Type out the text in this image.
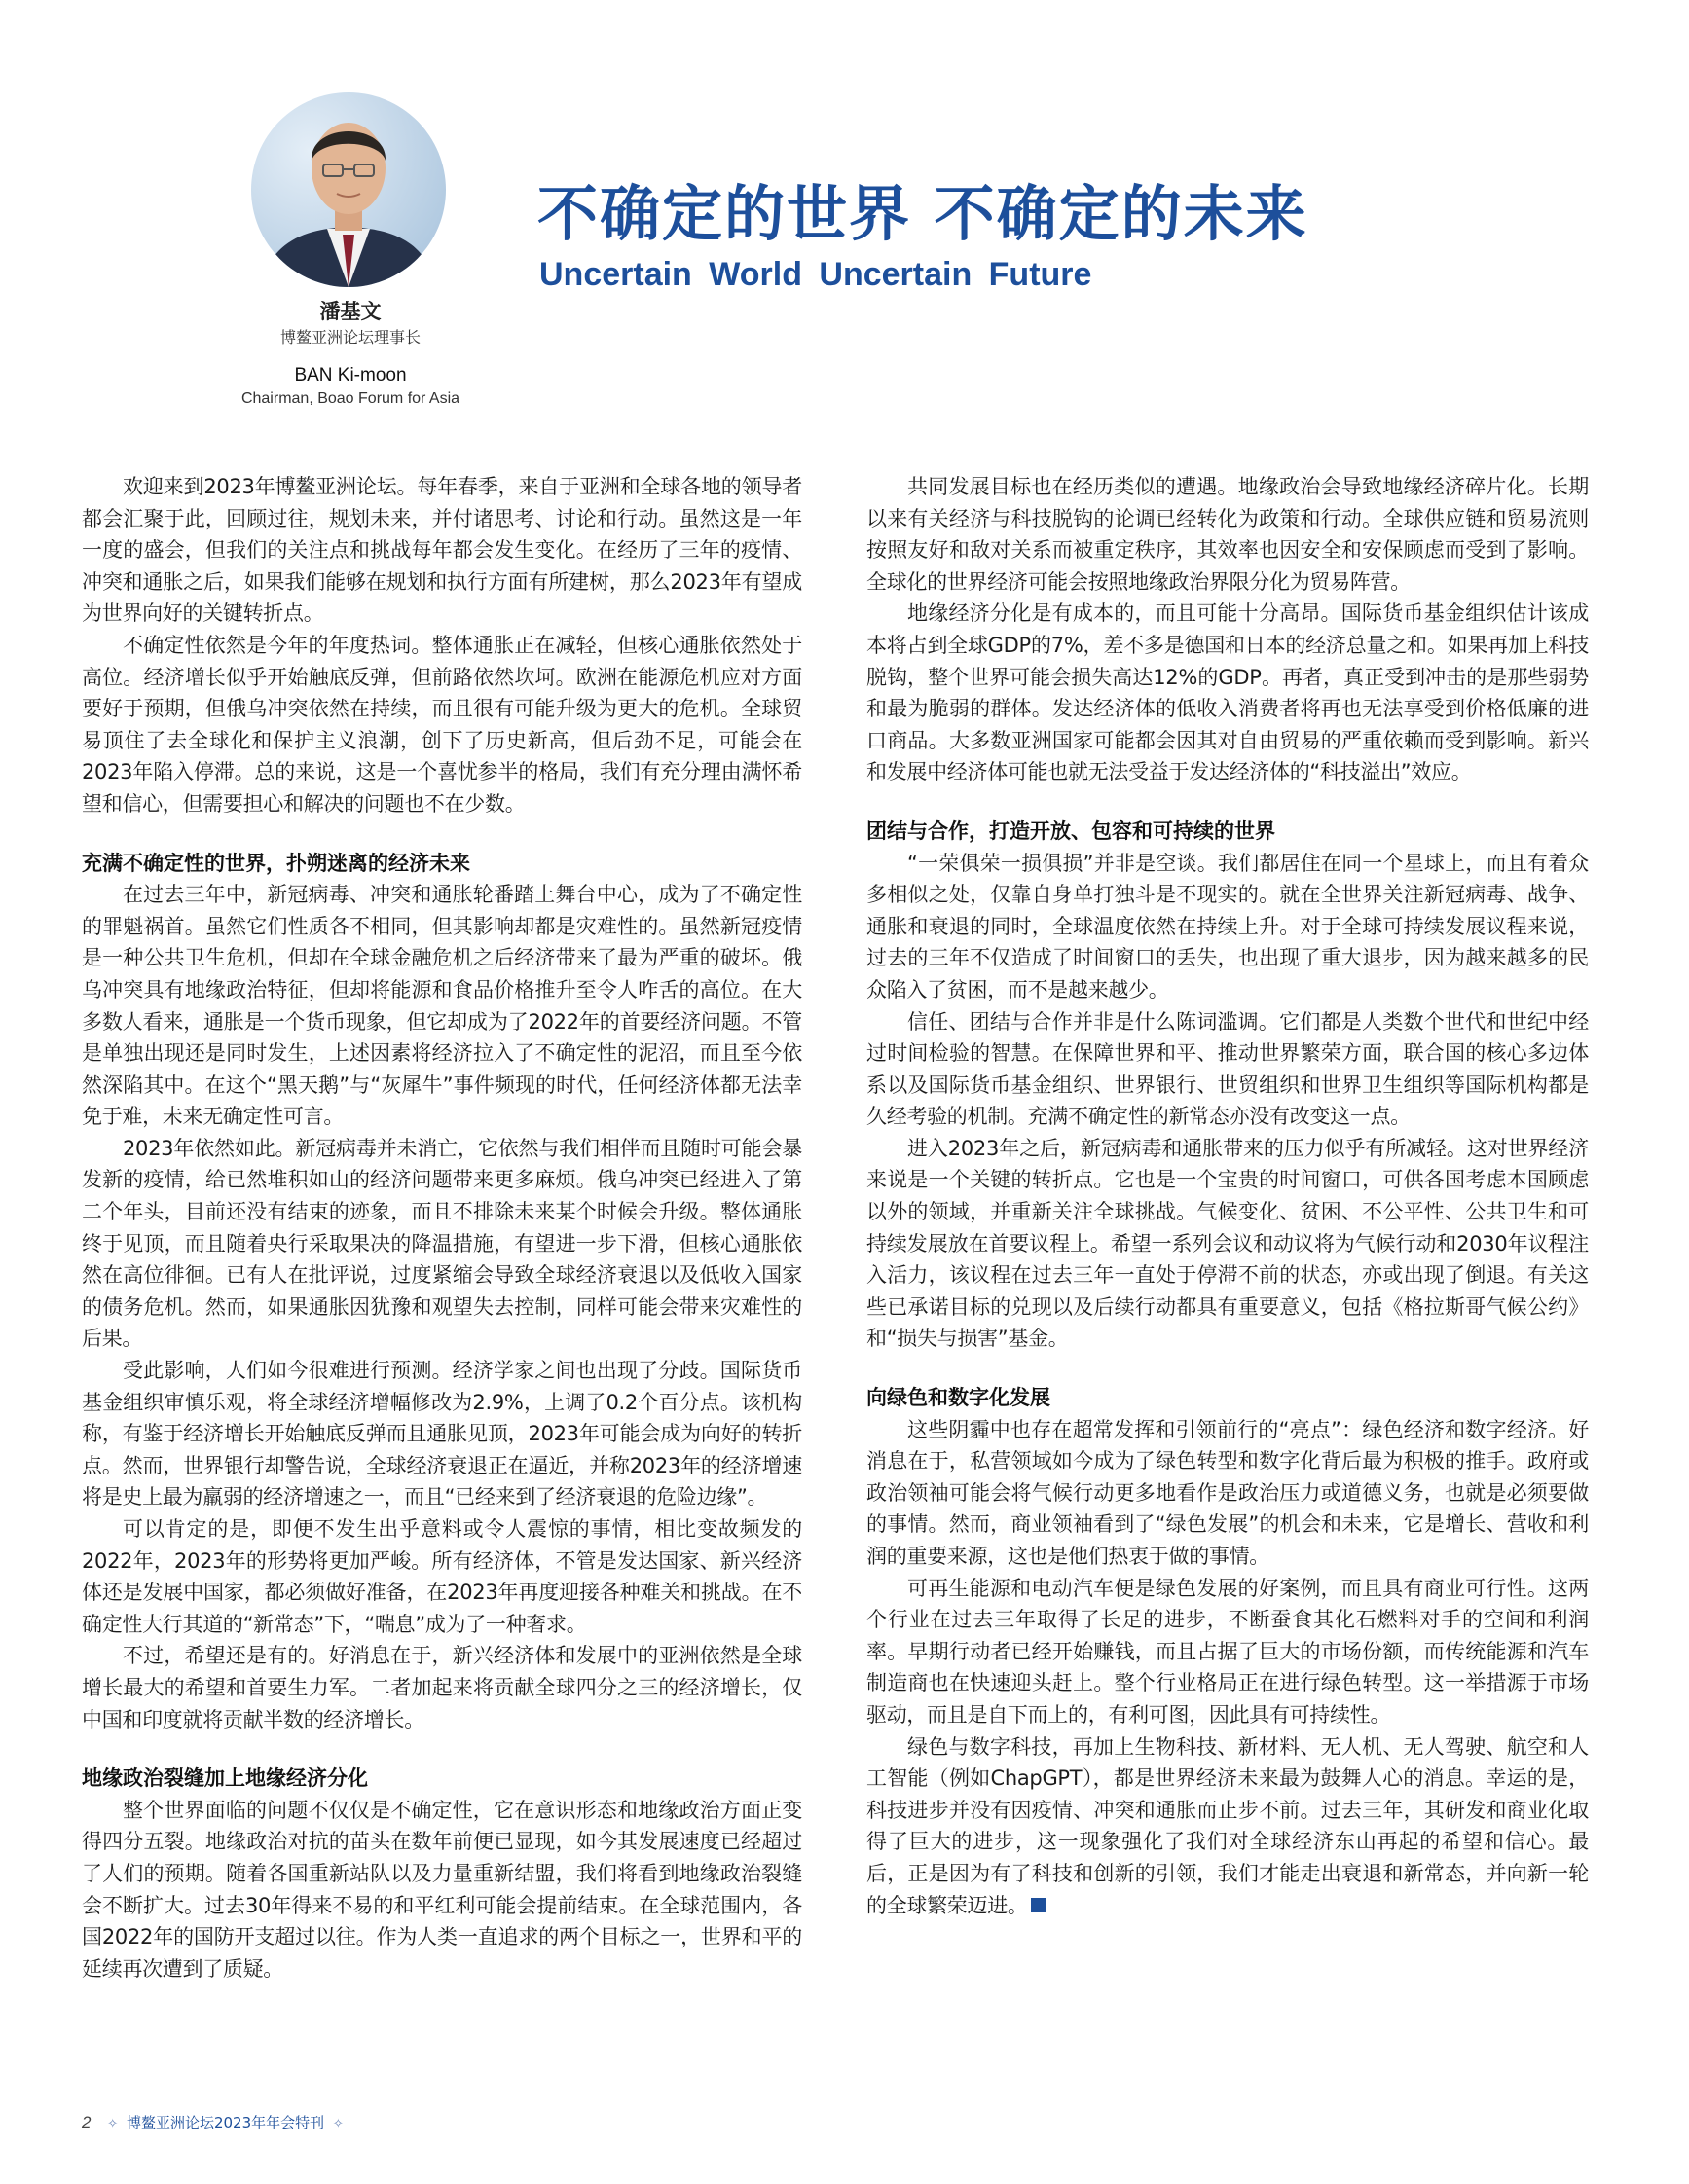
潘基文
博鳌亚洲论坛理事长
BAN Ki-moon
Chairman, Boao Forum for Asia
不确定的世界 不确定的未来
Uncertain World Uncertain Future

欢迎来到2023年博鳌亚洲论坛。每年春季，来自于亚洲和全球各地的领导者都会汇聚于此，回顾过往，规划未来，并付诸思考、讨论和行动。虽然这是一年一度的盛会，但我们的关注点和挑战每年都会发生变化。在经历了三年的疫情、冲突和通胀之后，如果我们能够在规划和执行方面有所建树，那么2023年有望成为世界向好的关键转折点。

不确定性依然是今年的年度热词。整体通胀正在减轻，但核心通胀依然处于高位。经济增长似乎开始触底反弹，但前路依然坎坷。欧洲在能源危机应对方面要好于预期，但俄乌冲突依然在持续，而且很有可能升级为更大的危机。全球贸易顶住了去全球化和保护主义浪潮，创下了历史新高，但后劲不足，可能会在2023年陷入停滞。总的来说，这是一个喜忧参半的格局，我们有充分理由满怀希望和信心，但需要担心和解决的问题也不在少数。

充满不确定性的世界，扑朔迷离的经济未来

在过去三年中，新冠病毒、冲突和通胀轮番踏上舞台中心，成为了不确定性的罪魁祸首。虽然它们性质各不相同，但其影响却都是灾难性的。虽然新冠疫情是一种公共卫生危机，但却在全球金融危机之后经济带来了最为严重的破坏。俄乌冲突具有地缘政治特征，但却将能源和食品价格推升至令人咋舌的高位。在大多数人看来，通胀是一个货币现象，但它却成为了2022年的首要经济问题。不管是单独出现还是同时发生，上述因素将经济拉入了不确定性的泥沼，而且至今依然深陷其中。在这个“黑天鹅”与“灰犀牛”事件频现的时代，任何经济体都无法幸免于难，未来无确定性可言。

2023年依然如此。新冠病毒并未消亡，它依然与我们相伴而且随时可能会暴发新的疫情，给已然堆积如山的经济问题带来更多麻烦。俄乌冲突已经进入了第二个年头，目前还没有结束的迹象，而且不排除未来某个时候会升级。整体通胀终于见顶，而且随着央行采取果决的降温措施，有望进一步下滑，但核心通胀依然在高位徘徊。已有人在批评说，过度紧缩会导致全球经济衰退以及低收入国家的债务危机。然而，如果通胀因犹豫和观望失去控制，同样可能会带来灾难性的后果。

受此影响，人们如今很难进行预测。经济学家之间也出现了分歧。国际货币基金组织审慎乐观，将全球经济增幅修改为2.9%，上调了0.2个百分点。该机构称，有鉴于经济增长开始触底反弹而且通胀见顶，2023年可能会成为向好的转折点。然而，世界银行却警告说，全球经济衰退正在逼近，并称2023年的经济增速将是史上最为羸弱的经济增速之一，而且“已经来到了经济衰退的危险边缘”。

可以肯定的是，即便不发生出乎意料或令人震惊的事情，相比变故频发的2022年，2023年的形势将更加严峻。所有经济体，不管是发达国家、新兴经济体还是发展中国家，都必须做好准备，在2023年再度迎接各种难关和挑战。在不确定性大行其道的“新常态”下，“喘息”成为了一种奢求。

不过，希望还是有的。好消息在于，新兴经济体和发展中的亚洲依然是全球增长最大的希望和首要生力军。二者加起来将贡献全球四分之三的经济增长，仅中国和印度就将贡献半数的经济增长。

地缘政治裂缝加上地缘经济分化

整个世界面临的问题不仅仅是不确定性，它在意识形态和地缘政治方面正变得四分五裂。地缘政治对抗的苗头在数年前便已显现，如今其发展速度已经超过了人们的预期。随着各国重新站队以及力量重新结盟，我们将看到地缘政治裂缝会不断扩大。过去30年得来不易的和平红利可能会提前结束。在全球范围内，各国2022年的国防开支超过以往。作为人类一直追求的两个目标之一，世界和平的延续再次遭到了质疑。

共同发展目标也在经历类似的遭遇。地缘政治会导致地缘经济碎片化。长期以来有关经济与科技脱钩的论调已经转化为政策和行动。全球供应链和贸易流则按照友好和敌对关系而被重定秩序，其效率也因安全和安保顾虑而受到了影响。全球化的世界经济可能会按照地缘政治界限分化为贸易阵营。

地缘经济分化是有成本的，而且可能十分高昂。国际货币基金组织估计该成本将占到全球GDP的7%，差不多是德国和日本的经济总量之和。如果再加上科技脱钩，整个世界可能会损失高达12%的GDP。再者，真正受到冲击的是那些弱势和最为脆弱的群体。发达经济体的低收入消费者将再也无法享受到价格低廉的进口商品。大多数亚洲国家可能都会因其对自由贸易的严重依赖而受到影响。新兴和发展中经济体可能也就无法受益于发达经济体的“科技溢出”效应。

团结与合作，打造开放、包容和可持续的世界

“一荣俱荣一损俱损”并非是空谈。我们都居住在同一个星球上，而且有着众多相似之处，仅靠自身单打独斗是不现实的。就在全世界关注新冠病毒、战争、通胀和衰退的同时，全球温度依然在持续上升。对于全球可持续发展议程来说，过去的三年不仅造成了时间窗口的丢失，也出现了重大退步，因为越来越多的民众陷入了贫困，而不是越来越少。

信任、团结与合作并非是什么陈词滥调。它们都是人类数个世代和世纪中经过时间检验的智慧。在保障世界和平、推动世界繁荣方面，联合国的核心多边体系以及国际货币基金组织、世界银行、世贸组织和世界卫生组织等国际机构都是久经考验的机制。充满不确定性的新常态亦没有改变这一点。

进入2023年之后，新冠病毒和通胀带来的压力似乎有所减轻。这对世界经济来说是一个关键的转折点。它也是一个宝贵的时间窗口，可供各国考虑本国顾虑以外的领域，并重新关注全球挑战。气候变化、贫困、不公平性、公共卫生和可持续发展放在首要议程上。希望一系列会议和动议将为气候行动和2030年议程注入活力，该议程在过去三年一直处于停滞不前的状态，亦或出现了倒退。有关这些已承诺目标的兑现以及后续行动都具有重要意义，包括《格拉斯哥气候公约》和“损失与损害”基金。

向绿色和数字化发展

这些阴霾中也存在超常发挥和引领前行的“亮点”：绿色经济和数字经济。好消息在于，私营领域如今成为了绿色转型和数字化背后最为积极的推手。政府或政治领袖可能会将气候行动更多地看作是政治压力或道德义务，也就是必须要做的事情。然而，商业领袖看到了“绿色发展”的机会和未来，它是增长、营收和利润的重要来源，这也是他们热衷于做的事情。

可再生能源和电动汽车便是绿色发展的好案例，而且具有商业可行性。这两个行业在过去三年取得了长足的进步，不断蚕食其化石燃料对手的空间和利润率。早期行动者已经开始赚钱，而且占据了巨大的市场份额，而传统能源和汽车制造商也在快速迎头赶上。整个行业格局正在进行绿色转型。这一举措源于市场驱动，而且是自下而上的，有利可图，因此具有可持续性。

绿色与数字科技，再加上生物科技、新材料、无人机、无人驾驶、航空和人工智能（例如ChapGPT），都是世界经济未来最为鼓舞人心的消息。幸运的是，科技进步并没有因疫情、冲突和通胀而止步不前。过去三年，其研发和商业化取得了巨大的进步，这一现象强化了我们对全球经济东山再起的希望和信心。最后，正是因为有了科技和创新的引领，我们才能走出衰退和新常态，并向新一轮的全球繁荣迈进。

2 ✧ 博鳌亚洲论坛2023年年会特刊 ✧
